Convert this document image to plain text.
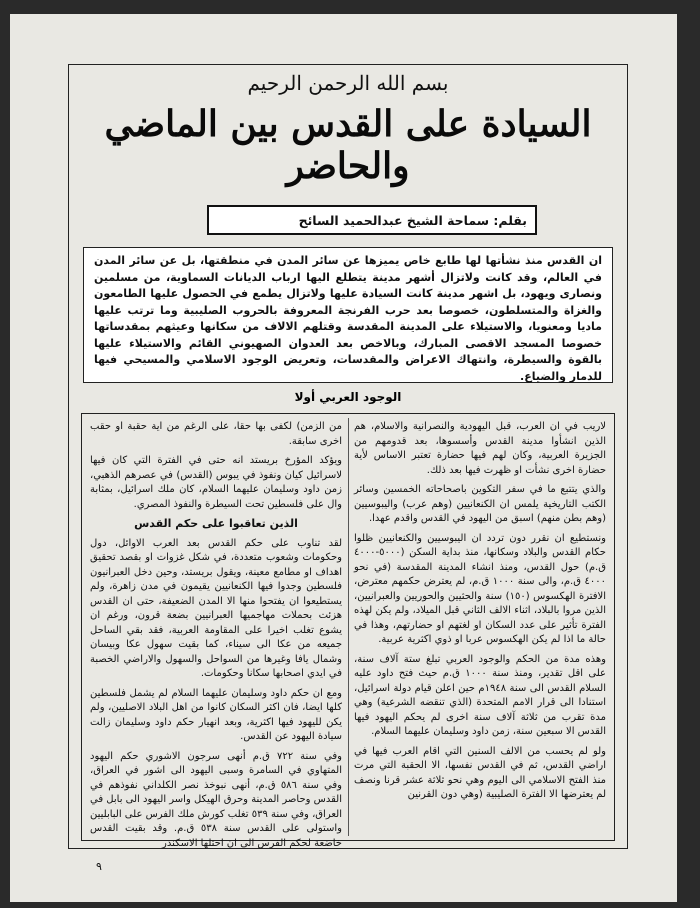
بسم الله الرحمن الرحيم
السيادة على القدس بين الماضي والحاضر
بقلم: سماحة الشيخ عبدالحميد السائح
ان القدس منذ نشأتها لها طابع خاص يميزها عن سائر المدن في منطقتها، بل عن سائر المدن في العالم، وقد كانت ولاتزال أشهر مدينة يتطلع اليها ارباب الديانات السماوية، من مسلمين ونصارى ويهود، بل اشهر مدينة كانت السيادة عليها ولاتزال يطمع في الحصول عليها الطامعون والغزاة والمتسلطون، خصوصا بعد حرب الفرنجة المعروفة بالحروب الصليبية وما ترتب عليها ماديا ومعنويا، والاستيلاء على المدينة المقدسة وقتلهم الالاف من سكانها وعيثهم بمقدساتها خصوصا المسجد الاقصى المبارك، وبالاخص بعد العدوان الصهيوني القائم والاستيلاء عليها بالقوة والسيطرة، وانتهاك الاعراض والمقدسات، وتعريض الوجود الاسلامي والمسيحي فيها للدمار والضياع.
الوجود العربي أولا

لاريب في ان العرب، قبل اليهودية والنصرانية والاسلام، هم الذين انشأوا مدينة القدس وأسسوها، بعد قدومهم من الجزيرة العربية، وكان لهم فيها حضارة تعتبر الاساس لأية حضارة اخرى نشأت او ظهرت فيها بعد ذلك.

والذي يتتبع ما في سفر التكوين باصحاحاته الخمسين وسائر الكتب التاريخية يلمس ان الكنعانيين (وهم عرب) واليبوسيين (وهم بطن منهم) اسبق من اليهود في القدس واقدم عهدا.

ونستطيع ان نقرر دون تردد ان اليبوسيين والكنعانيين ظلوا حكام القدس والبلاد وسكانها، منذ بداية السكن (٥٠٠٠-٤٠٠٠ ق.م) حول القدس، ومنذ انشاء المدينة المقدسة (في نحو ٤٠٠٠ ق.م، والى سنة ١٠٠٠ ق.م، لم يعترض حكمهم معترض، الافترة الهكسوس (١٥٠) سنة والحثيين والحوريين والعبرانيين، الذين مروا بالبلاد، اثناء الالف الثاني قبل الميلاد، ولم يكن لهذه الفترة تأثير على عدد السكان او لغتهم او حضارتهم، وهذا في حالة ما اذا لم يكن الهكسوس عربا او ذوي اكثرية عربية.

وهذه مدة من الحكم والوجود العربي تبلغ ستة آلاف سنة، على اقل تقدير، ومنذ سنة ١٠٠٠ ق.م حيث فتح داود عليه السلام القدس الى سنة ١٩٤٨م حين اعلن قيام دولة اسرائيل، استنادا الى قرار الامم المتحدة (الذي تنقضه الشرعية) وهي مدة تقرب من ثلاثة آلاف سنة اخرى لم يحكم اليهود فيها القدس الا سبعين سنة، زمن داود وسليمان عليهما السلام.

ولو لم يحسب من الالف السنين التي اقام العرب فيها في اراضي القدس، ثم في القدس نفسها، الا الحقبة التي مرت منذ الفتح الاسلامي الى اليوم وهي نحو ثلاثة عشر قرنا ونصف لم يعترضها الا الفترة الصليبية (وهي دون القرنين

من الزمن) لكفى بها حقا، على الرغم من اية حقبة او حقب اخرى سابقة.

ويؤكد المؤرخ بريستد انه حتى في الفترة التي كان فيها لاسرائيل كيان ونفوذ في يبوس (القدس) في عصرهم الذهبي، زمن داود وسليمان عليهما السلام، كان ملك اسرائيل، بمثابة وال على فلسطين تحت السيطرة والنفوذ المصري.

الذين تعاقبوا على حكم القدس

لقد تناوب على حكم القدس بعد العرب الاوائل، دول وحكومات وشعوب متعددة، في شكل غزوات او بقصد تحقيق اهداف او مطامع معينة، ويقول بريستد، وحين دخل العبرانيون فلسطين وجدوا فيها الكنعانيين يقيمون في مدن زاهرة، ولم يستطيعوا ان يفتحوا منها الا المدن الضعيفة، حتى ان القدس هزئت بحملات مهاجميها العبرانيين بضعة قرون، ورغم ان يشوع تغلب اخيرا على المقاومة العربية، فقد بقي الساحل جميعه من عكا الى سيناء، كما بقيت سهول عكا وبيسان وشمال يافا وغيرها من السواحل والسهول والاراضي الخصبة في ايدي اصحابها سكانا وحكومات.

ومع ان حكم داود وسليمان عليهما السلام لم يشمل فلسطين كلها ايضا، فان اكثر السكان كانوا من اهل البلاد الاصليين، ولم يكن لليهود فيها اكثرية، وبعد انهيار حكم داود وسليمان زالت سيادة اليهود عن القدس.

وفي سنة ٧٢٢ ق.م أنهى سرجون الاشوري حكم اليهود المتهاوي في السامرة وسبى اليهود الى اشور في العراق، وفي سنة ٥٨٦ ق.م، أنهى نبوخذ نصر الكلداني نفوذهم في القدس وحاصر المدينة وحرق الهيكل واسر اليهود الى بابل في العراق، وفي سنة ٥٣٩ تغلب كورش ملك الفرس على البابليين واستولى على القدس سنة ٥٣٨ ق.م. وقد بقيت القدس خاضعة لحكم الفرس الى ان احتلها الاسكندر

٩
